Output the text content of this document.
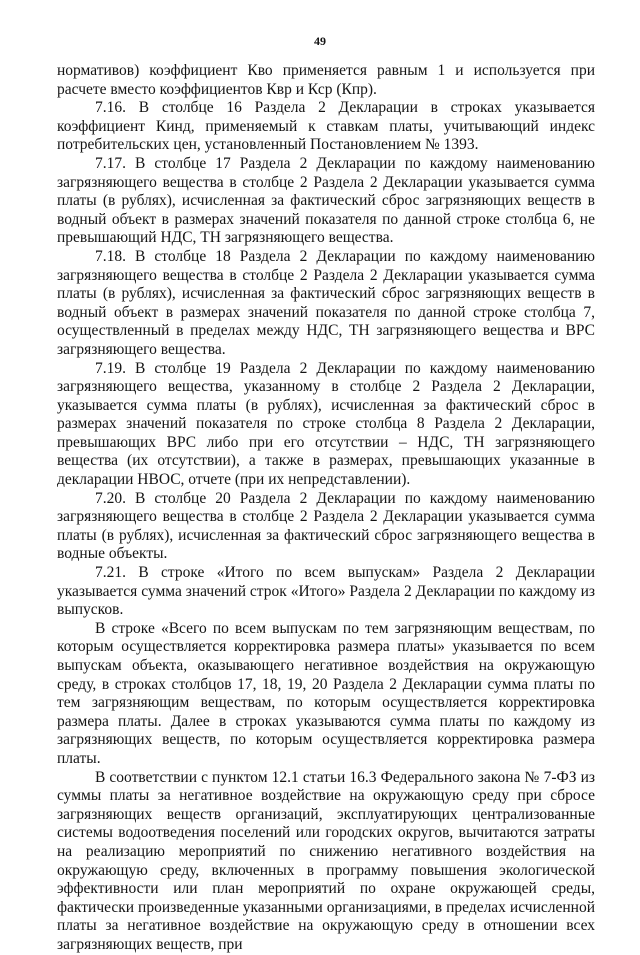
49

нормативов) коэффициент Кво применяется равным 1 и используется при расчете вместо коэффициентов Квр и Кср (Кпр).

7.16. В столбце 16 Раздела 2 Декларации в строках указывается коэффициент Кинд, применяемый к ставкам платы, учитывающий индекс потребительских цен, установленный Постановлением № 1393.

7.17. В столбце 17 Раздела 2 Декларации по каждому наименованию загрязняющего вещества в столбце 2 Раздела 2 Декларации указывается сумма платы (в рублях), исчисленная за фактический сброс загрязняющих веществ в водный объект в размерах значений показателя по данной строке столбца 6, не превышающий НДС, ТН загрязняющего вещества.

7.18. В столбце 18 Раздела 2 Декларации по каждому наименованию загрязняющего вещества в столбце 2 Раздела 2 Декларации указывается сумма платы (в рублях), исчисленная за фактический сброс загрязняющих веществ в водный объект в размерах значений показателя по данной строке столбца 7, осуществленный в пределах между НДС, ТН загрязняющего вещества и ВРС загрязняющего вещества.

7.19. В столбце 19 Раздела 2 Декларации по каждому наименованию загрязняющего вещества, указанному в столбце 2 Раздела 2 Декларации, указывается сумма платы (в рублях), исчисленная за фактический сброс в размерах значений показателя по строке столбца 8 Раздела 2 Декларации, превышающих ВРС либо при его отсутствии – НДС, ТН загрязняющего вещества (их отсутствии), а также в размерах, превышающих указанные в декларации НВОС, отчете (при их непредставлении).

7.20. В столбце 20 Раздела 2 Декларации по каждому наименованию загрязняющего вещества в столбце 2 Раздела 2 Декларации указывается сумма платы (в рублях), исчисленная за фактический сброс загрязняющего вещества в водные объекты.

7.21. В строке «Итого по всем выпускам» Раздела 2 Декларации указывается сумма значений строк «Итого» Раздела 2 Декларации по каждому из выпусков.

В строке «Всего по всем выпускам по тем загрязняющим веществам, по которым осуществляется корректировка размера платы» указывается по всем выпускам объекта, оказывающего негативное воздействия на окружающую среду, в строках столбцов 17, 18, 19, 20 Раздела 2 Декларации сумма платы по тем загрязняющим веществам, по которым осуществляется корректировка размера платы. Далее в строках указываются сумма платы по каждому из загрязняющих веществ, по которым осуществляется корректировка размера платы.

В соответствии с пунктом 12.1 статьи 16.3 Федерального закона № 7-ФЗ из суммы платы за негативное воздействие на окружающую среду при сбросе загрязняющих веществ организаций, эксплуатирующих централизованные системы водоотведения поселений или городских округов, вычитаются затраты на реализацию мероприятий по снижению негативного воздействия на окружающую среду, включенных в программу повышения экологической эффективности или план мероприятий по охране окружающей среды, фактически произведенные указанными организациями, в пределах исчисленной платы за негативное воздействие на окружающую среду в отношении всех загрязняющих веществ, при
